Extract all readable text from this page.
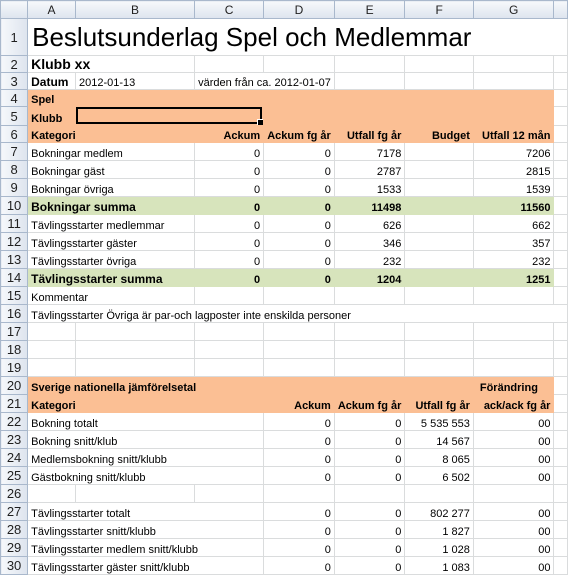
	A	B	C	D	E	F	G	
1	Beslutsunderlag Spel och Medlemmar							
2	Klubb xx							
3	Datum	2012-01-13	värden från ca. 2012-01-07					
4	Spel							
5	Klubb		

6	Kategori		Ackum	Ackum fg år	Utfall fg år	Budget	Utfall 12 mån	
7	Bokningar medlem		0	0	7178		7206	
8	Bokningar gäst		0	0	2787		2815	
9	Bokningar övriga		0	0	1533		1539	
10	Bokningar summa		0	0	11498		11560	
11	Tävlingsstarter medlemmar		0	0	626		662	
12	Tävlingsstarter gäster		0	0	346		357	
13	Tävlingsstarter övriga		0	0	232		232	
14	Tävlingsstarter summa		0	0	1204		1251	
15	Kommentar							
16	Tävlingsstarter Övriga är par-och lagposter inte enskilda personer							
17								
18								
19								
20	Sverige nationella jämförelsetal						Förändring	
21	Kategori			Ackum	Ackum fg år	Utfall fg år	ack/ack fg år	
22	Bokning totalt			0	0	5 535 553	00	
23	Bokning snitt/klub			0	0	14 567	00	
24	Medlemsbokning snitt/klubb			0	0	8 065	00	
25	Gästbokning snitt/klubb			0	0	6 502	00	
26								
27	Tävlingsstarter totalt			0	0	802 277	00	
28	Tävlingsstarter snitt/klubb			0	0	1 827	00	
29	Tävlingsstarter medlem snitt/klubb			0	0	1 028	00	
30	Tävlingsstarter gäster snitt/klubb			0	0	1 083	00	
